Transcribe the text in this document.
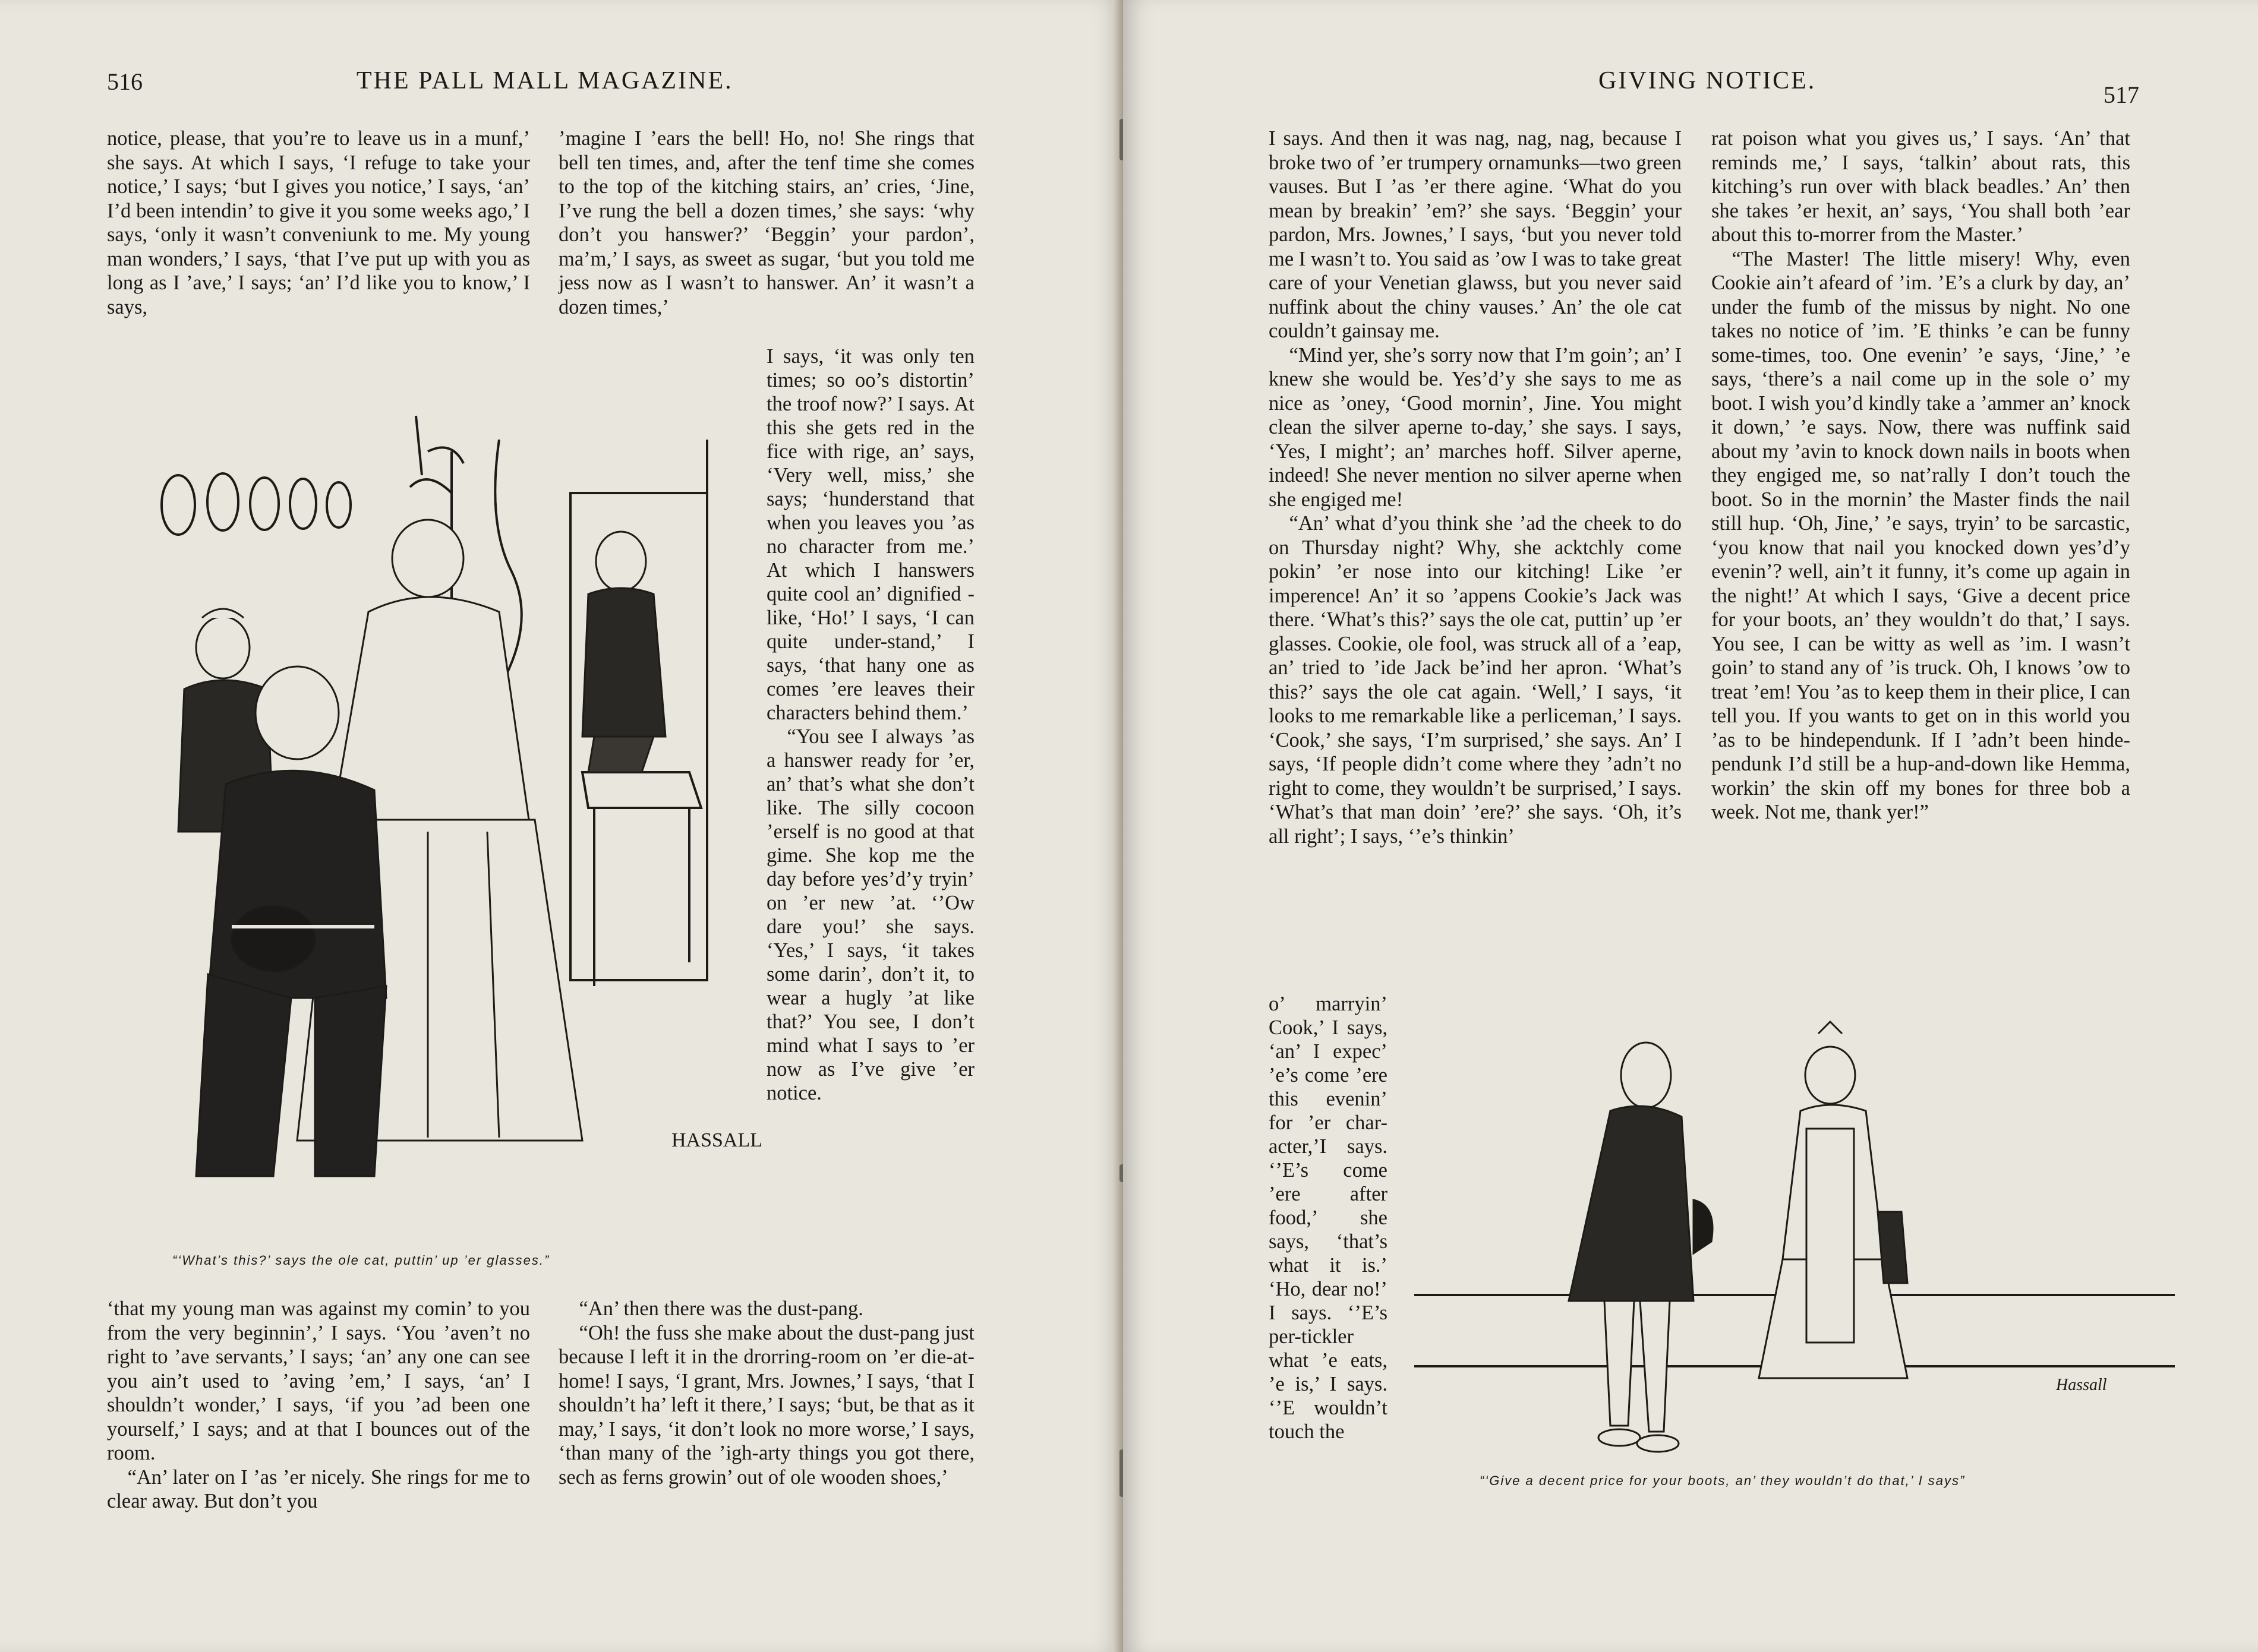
516	THE PALL MALL MAGAZINE.

notice, please, that you’re to leave us in a munf,’ she says. At which I says, ‘I refuge to take your notice,’ I says; ‘but I gives you notice,’ I says, ‘an’ I’d been intendin’ to give it you some weeks ago,’ I says, ‘only it wasn’t conveniunk to me. My young man wonders,’ I says, ‘that I’ve put up with you as long as I ’ave,’ I says; ‘an’ I’d like you to know,’ I says,

’magine I ’ears the bell! Ho, no! She rings that bell ten times, and, after the tenf time she comes to the top of the kitching stairs, an’ cries, ‘Jine, I’ve rung the bell a dozen times,’ she says: ‘why don’t you hanswer?’ ‘Beggin’ your pardon’, ma’m,’ I says, as sweet as sugar, ‘but you told me jess now as I wasn’t to hanswer. An’ it wasn’t a dozen times,’

I says, ‘it was only ten times; so oo’s distortin’ the troof now?’ I says. At this she gets red in the fice with rige, an’ says, ‘Very well, miss,’ she says; ‘hunderstand that when you leaves you ’as no character from me.’ At which I hanswers quite cool an’ dignified - like, ‘Ho!’ I says, ‘I can quite under-stand,’ I says, ‘that hany one as comes ’ere leaves their characters behind them.’

“You see I always ’as a hanswer ready for ’er, an’ that’s what she don’t like. The silly cocoon ’erself is no good at that gime. She kop me the day before yes’d’y tryin’ on ’er new ’at. ‘’Ow dare you!’ she says. ‘Yes,’ I says, ‘it takes some darin’, don’t it, to wear a hugly ’at like that?’ You see, I don’t mind what I says to ’er now as I’ve give ’er notice.

HASSALL
“‘What’s this?’ says the ole cat, puttin’ up ’er glasses.”

‘that my young man was against my comin’ to you from the very beginnin’,’ I says. ‘You ’aven’t no right to ’ave servants,’ I says; ‘an’ any one can see you ain’t used to ’aving ’em,’ I says, ‘an’ I shouldn’t wonder,’ I says, ‘if you ’ad been one yourself,’ I says; and at that I bounces out of the room.

“An’ later on I ’as ’er nicely. She rings for me to clear away. But don’t you

“An’ then there was the dust-pang.

“Oh! the fuss she make about the dust-pang just because I left it in the drorring-room on ’er die-at-home! I says, ‘I grant, Mrs. Jownes,’ I says, ‘that I shouldn’t ha’ left it there,’ I says; ‘but, be that as it may,’ I says, ‘it don’t look no more worse,’ I says, ‘than many of the ’igh-arty things you got there, sech as ferns growin’ out of ole wooden shoes,’

GIVING NOTICE.
517

I says. And then it was nag, nag, nag, because I broke two of ’er trumpery ornamunks—two green vauses. But I ’as ’er there agine. ‘What do you mean by breakin’ ’em?’ she says. ‘Beggin’ your pardon, Mrs. Jownes,’ I says, ‘but you never told me I wasn’t to. You said as ’ow I was to take great care of your Venetian glawss, but you never said nuffink about the chiny vauses.’ An’ the ole cat couldn’t gainsay me.

“Mind yer, she’s sorry now that I’m goin’; an’ I knew she would be. Yes’d’y she says to me as nice as ’oney, ‘Good mornin’, Jine. You might clean the silver aperne to-day,’ she says. I says, ‘Yes, I might’; an’ marches hoff. Silver aperne, indeed! She never mention no silver aperne when she engiged me!

“An’ what d’you think she ’ad the cheek to do on Thursday night? Why, she acktchly come pokin’ ’er nose into our kitching! Like ’er imperence! An’ it so ’appens Cookie’s Jack was there. ‘What’s this?’ says the ole cat, puttin’ up ’er glasses. Cookie, ole fool, was struck all of a ’eap, an’ tried to ’ide Jack be’ind her apron. ‘What’s this?’ says the ole cat again. ‘Well,’ I says, ‘it looks to me remarkable like a perliceman,’ I says. ‘Cook,’ she says, ‘I’m surprised,’ she says. An’ I says, ‘If people didn’t come where they ’adn’t no right to come, they wouldn’t be surprised,’ I says. ‘What’s that man doin’ ’ere?’ she says. ‘Oh, it’s all right’; I says, ‘’e’s thinkin’

o’ marryin’ Cook,’ I says, ‘an’ I expec’ ’e’s come ’ere this evenin’ for ’er char-acter,’I says. ‘’E’s come ’ere after food,’ she says, ‘that’s what it is.’ ‘Ho, dear no!’ I says. ‘’E’s per-tickler what ’e eats, ’e is,’ I says. ‘’E wouldn’t touch the

rat poison what you gives us,’ I says. ‘An’ that reminds me,’ I says, ‘talkin’ about rats, this kitching’s run over with black beadles.’ An’ then she takes ’er hexit, an’ says, ‘You shall both ’ear about this to-morrer from the Master.’

“The Master! The little misery! Why, even Cookie ain’t afeard of ’im. ’E’s a clurk by day, an’ under the fumb of the missus by night. No one takes no notice of ’im. ’E thinks ’e can be funny some-times, too. One evenin’ ’e says, ‘Jine,’ ’e says, ‘there’s a nail come up in the sole o’ my boot. I wish you’d kindly take a ’ammer an’ knock it down,’ ’e says. Now, there was nuffink said about my ’avin to knock down nails in boots when they engiged me, so nat’rally I don’t touch the boot. So in the mornin’ the Master finds the nail still hup. ‘Oh, Jine,’ ’e says, tryin’ to be sarcastic, ‘you know that nail you knocked down yes’d’y evenin’? well, ain’t it funny, it’s come up again in the night!’ At which I says, ‘Give a decent price for your boots, an’ they wouldn’t do that,’ I says. You see, I can be witty as well as ’im. I wasn’t goin’ to stand any of ’is truck. Oh, I knows ’ow to treat ’em! You ’as to keep them in their plice, I can tell you. If you wants to get on in this world you ’as to be hindependunk. If I ’adn’t been hinde-pendunk I’d still be a hup-and-down like Hemma, workin’ the skin off my bones for three bob a week. Not me, thank yer!”

Hassall
“‘Give a decent price for your boots, an’ they wouldn’t do that,’ I says”
